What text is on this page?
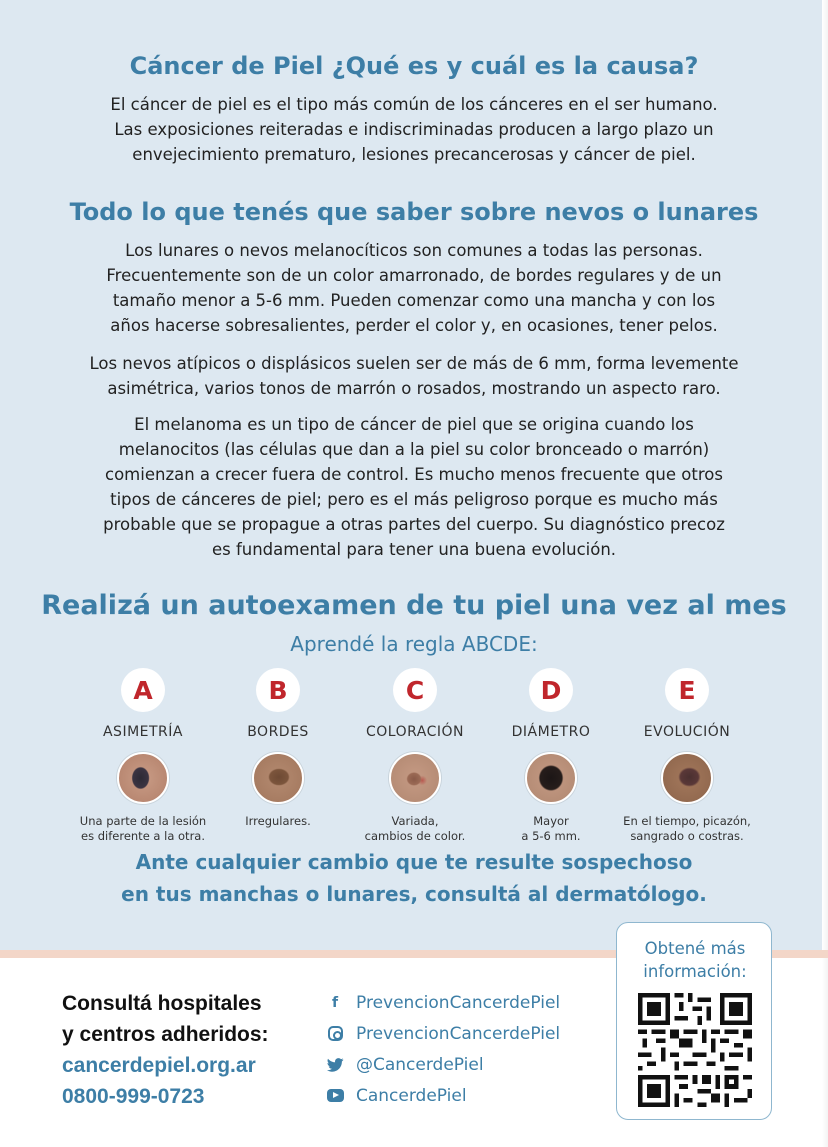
Cáncer de Piel ¿Qué es y cuál es la causa?
El cáncer de piel es el tipo más común de los cánceres en el ser humano.
Las exposiciones reiteradas e indiscriminadas producen a largo plazo un
envejecimiento prematuro, lesiones precancerosas y cáncer de piel.
Todo lo que tenés que saber sobre nevos o lunares
Los lunares o nevos melanocíticos son comunes a todas las personas.
Frecuentemente son de un color amarronado, de bordes regulares y de un
tamaño menor a 5-6 mm. Pueden comenzar como una mancha y con los
años hacerse sobresalientes, perder el color y, en ocasiones, tener pelos.
Los nevos atípicos o displásicos suelen ser de más de 6 mm, forma levemente
asimétrica, varios tonos de marrón o rosados, mostrando un aspecto raro.
El melanoma es un tipo de cáncer de piel que se origina cuando los
melanocitos (las células que dan a la piel su color bronceado o marrón)
comienzan a crecer fuera de control. Es mucho menos frecuente que otros
tipos de cánceres de piel; pero es el más peligroso porque es mucho más
probable que se propague a otras partes del cuerpo. Su diagnóstico precoz
es fundamental para tener una buena evolución.
Realizá un autoexamen de tu piel una vez al mes
Aprendé la regla ABCDE:
A
ASIMETRÍA
Una parte de la lesión
es diferente a la otra.
B
BORDES
Irregulares.
C
COLORACIÓN
Variada,
cambios de color.
D
DIÁMETRO
Mayor
a 5-6 mm.
E
EVOLUCIÓN
En el tiempo, picazón,
sangrado o costras.
Ante cualquier cambio que te resulte sospechoso
en tus manchas o lunares, consultá al dermatólogo.
Consultá hospitales
y centros adheridos:
cancerdepiel.org.ar
0800-999-0723
f	PrevencionCancerdePiel
PrevencionCancerdePiel
@CancerdePiel
CancerdePiel
Obtené más
información:
